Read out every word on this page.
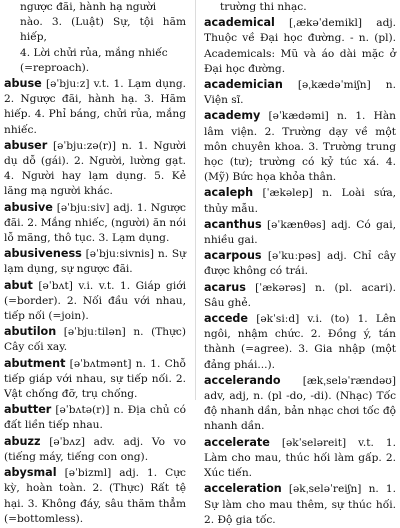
ngược đãi, hành hạ người
nào. 3. (Luật) Sự, tội hãm hiếp,
4. Lời chửi rủa, mắng nhiếc
(=reproach).
abuse [əˈbjuːz] v.t. 1. Lạm dụng. 2. Ngược đãi, hành hạ. 3. Hãm hiếp. 4. Phỉ báng, chửi rủa, mắng nhiếc.
abuser [əˈbjuːzə(r)] n. 1. Người dụ dỗ (gái). 2. Người, lường gạt. 4. Người hay lạm dụng. 5. Kẻ lăng mạ người khác.
abusive [əˈbjuːsiv] adj. 1. Ngược đãi. 2. Mắng nhiếc, (người) ăn nói lỗ mãng, thô tục. 3. Lạm dụng.
abusiveness [əˈbjuːsivnis] n. Sự lạm dụng, sự ngược đãi.
abut [əˈbʌt] v.i. v.t. 1. Giáp giới (=border). 2. Nối đầu với nhau, tiếp nối (=join).
abutilon [əˈbjuːtilən] n. (Thực) Cây cối xay.
abutment [əˈbʌtmənt] n. 1. Chỗ tiếp giáp với nhau, sự tiếp nối. 2. Vật chống đỡ, trụ chống.
abutter [əˈbʌtə(r)] n. Địa chủ có đất liền tiếp nhau.
abuzz [əˈbʌz] adv. adj. Vo vo (tiếng máy, tiếng con ong).
abysmal [əˈbizml] adj. 1. Cực kỳ, hoàn toàn. 2. (Thực) Rất tệ hại. 3. Không đáy, sâu thăm thẳm (=bottomless).
trường thi nhạc.
academical [ˌækəˈdemikl] adj. Thuộc về Đại học đường. - n. (pl). Academicals: Mũ và áo dài mặc ở Đại học đường.
academician [əˌkædəˈmiʃn] n. Viện sĩ.
academy [əˈkædəmi] n. 1. Hàn lâm viện. 2. Trường dạy về một môn chuyên khoa. 3. Trường trung học (tư); trường có kỷ túc xá. 4. (Mỹ) Bức họa khỏa thân.
acaleph [ˈækəlep] n. Loài sứa, thủy mẫu.
acanthus [əˈkænθəs] adj. Có gai, nhiều gai.
acarpous [əˈkuːpəs] adj. Chỉ cây được không có trái.
acarus [ˈækərəs] n. (pl. acari). Sâu ghẻ.
accede [əkˈsiːd] v.i. (to) 1. Lên ngôi, nhậm chức. 2. Đồng ý, tán thành (=agree). 3. Gia nhập (một đảng phái...).
accelerando [ækˌseləˈrændəʊ] adv, adj, n. (pl -do, -di). (Nhạc) Tốc độ nhanh dần, bản nhạc chơi tốc độ nhanh dần.
accelerate [əkˈseləreit] v.t. 1. Làm cho mau, thúc hối làm gấp. 2. Xúc tiến.
acceleration [əkˌseləˈreiʃn] n. 1. Sự làm cho mau thêm, sự thúc hối. 2. Độ gia tốc.
